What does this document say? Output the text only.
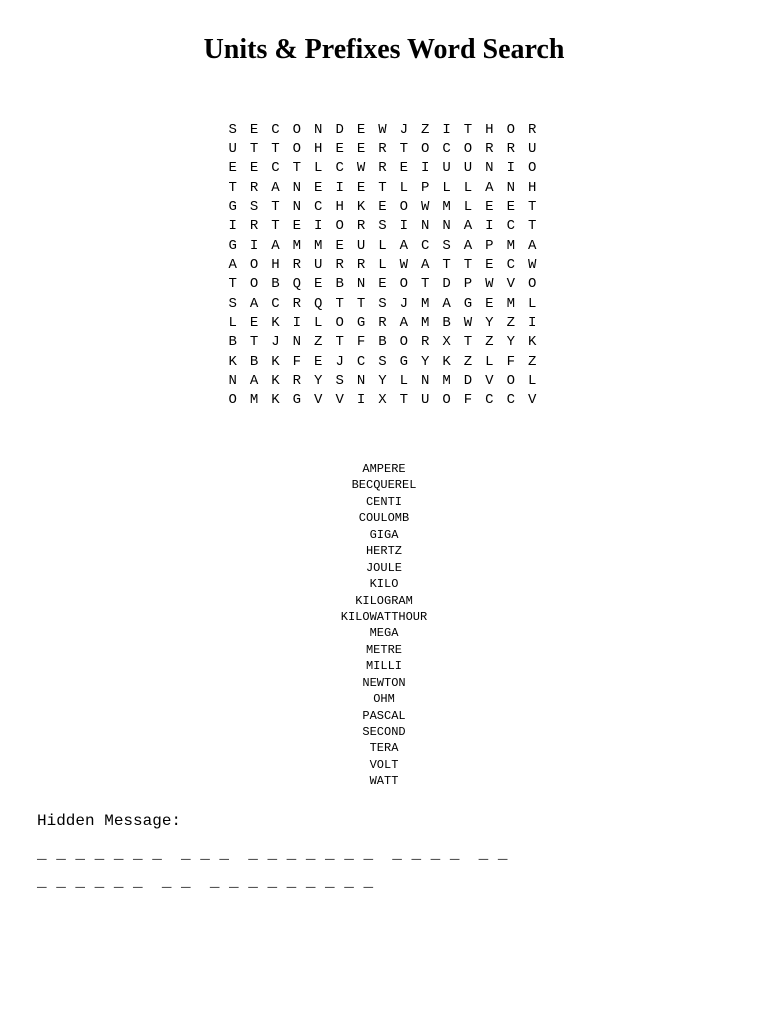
Units & Prefixes Word Search
S E C O N D E W J Z I T H O R
U T T O H E E R T O C O R R U
E E C T L C W R E I U U N I O
T R A N E I E T L P L L A N H
G S T N C H K E O W M L E E T
I R T E I O R S I N N A I C T
G I A M M E U L A C S A P M A
A O H R U R R L W A T T E C W
T O B Q E B N E O T D P W V O
S A C R Q T T S J M A G E M L
L E K I L O G R A M B W Y Z I
B T J N Z T F B O R X T Z Y K
K B K F E J C S G Y K Z L F Z
N A K R Y S N Y L N M D V O L
O M K G V V I X T U O F C C V
AMPERE
BECQUEREL
CENTI
COULOMB
GIGA
HERTZ
JOULE
KILO
KILOGRAM
KILOWATTHOUR
MEGA
METRE
MILLI
NEWTON
OHM
PASCAL
SECOND
TERA
VOLT
WATT
Hidden Message:
_ _ _ _ _ _ _  _ _ _  _ _ _ _ _ _ _  _ _ _ _  _ _
_ _ _ _ _ _  _ _  _ _ _ _ _ _ _ _ _
